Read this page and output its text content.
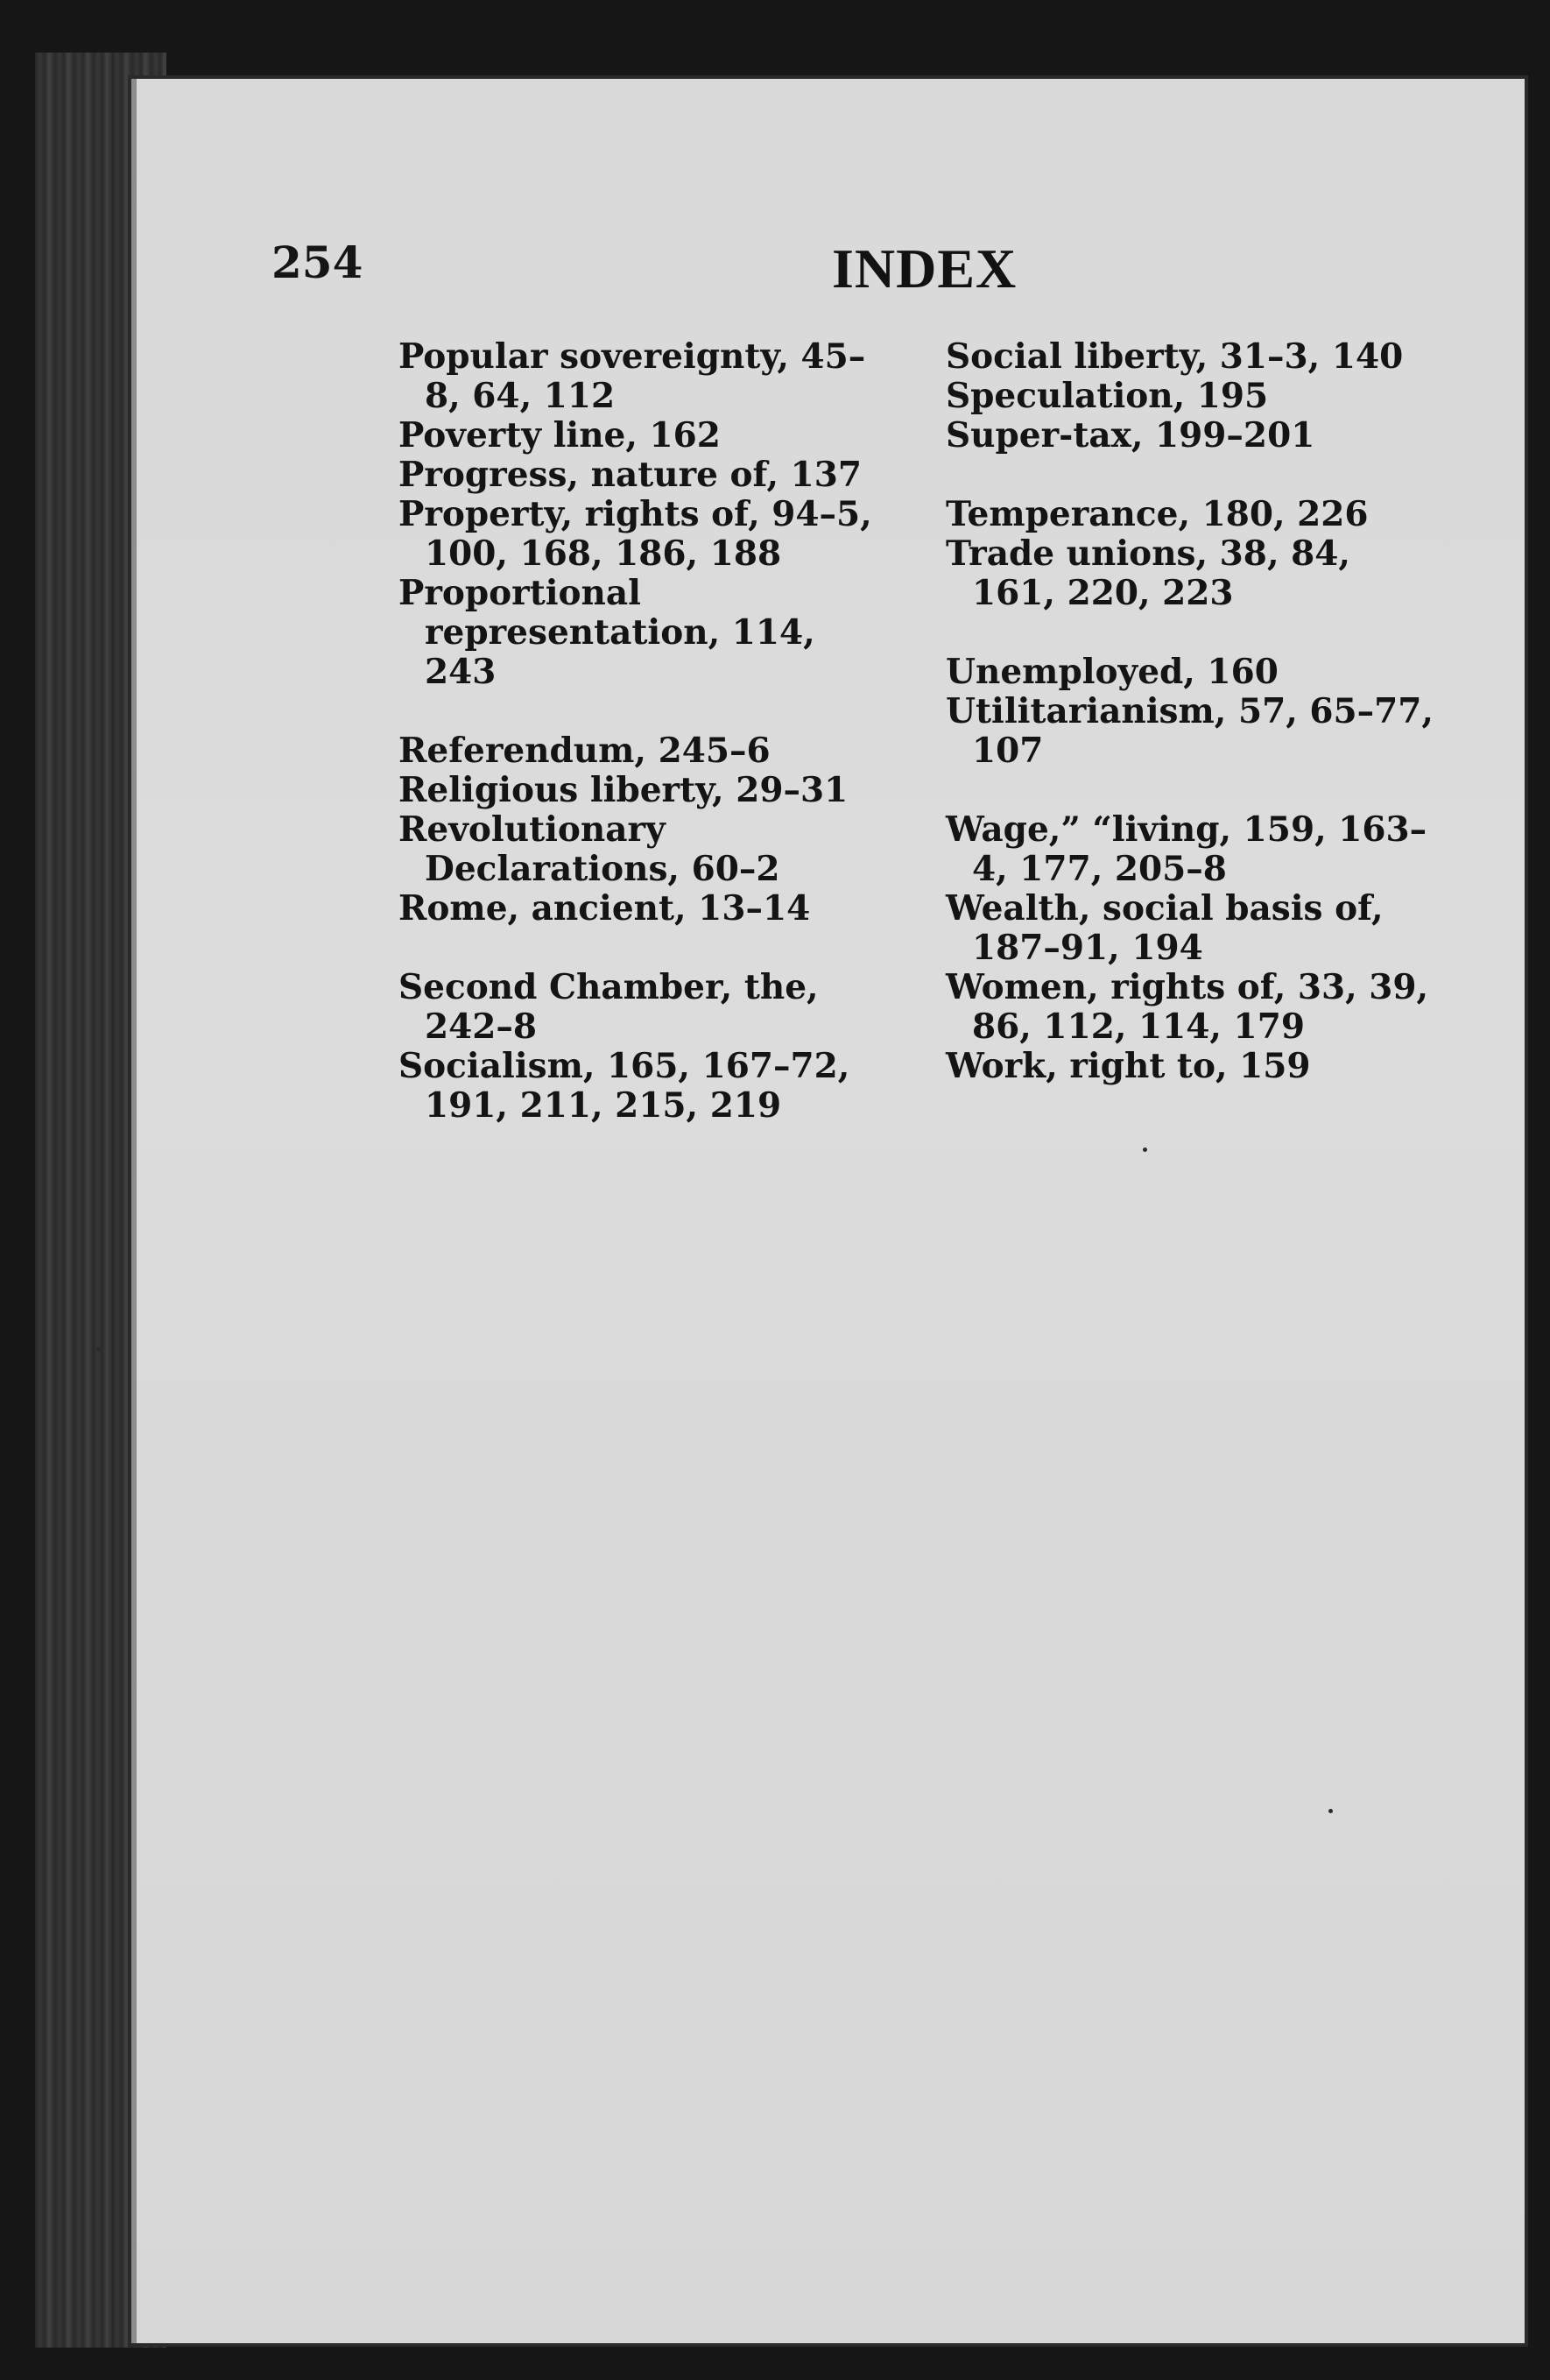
254	INDEX
Popular sovereignty, 45–8, 64, 112
Poverty line, 162
Progress, nature of, 137
Property, rights of, 94–5, 100, 168, 186, 188
Proportional representation, 114, 243
Referendum, 245–6
Religious liberty, 29–31
Revolutionary Declarations, 60–2
Rome, ancient, 13–14
Second Chamber, the, 242–8
Socialism, 165, 167–72, 191, 211, 215, 219
Social liberty, 31–3, 140
Speculation, 195
Super-tax, 199–201
Temperance, 180, 226
Trade unions, 38, 84, 161, 220, 223
Unemployed, 160
Utilitarianism, 57, 65–77, 107
Wage,” “living, 159, 163–4, 177, 205–8
Wealth, social basis of, 187–91, 194
Women, rights of, 33, 39, 86, 112, 114, 179
Work, right to, 159
